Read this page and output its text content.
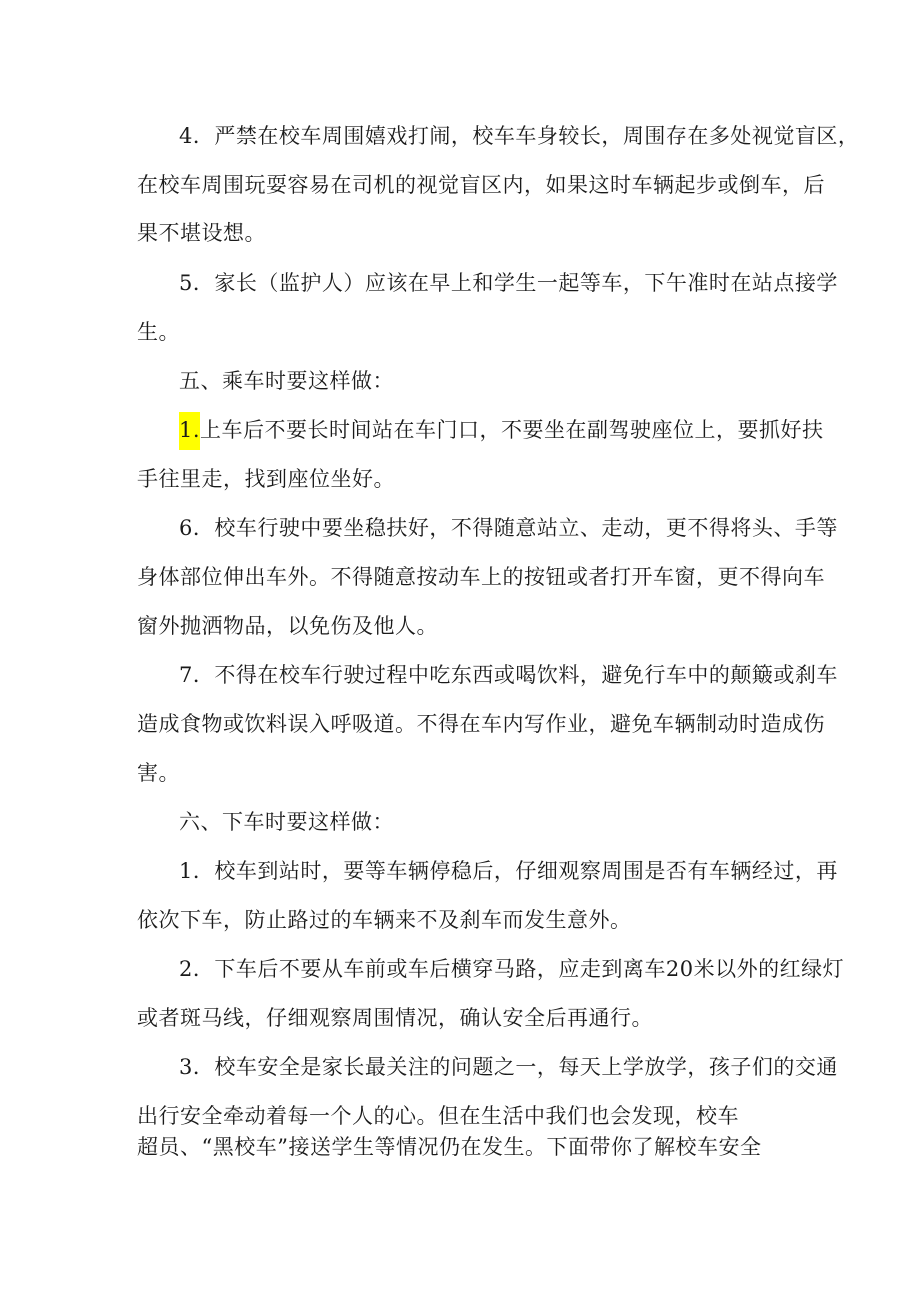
4．严禁在校车周围嬉戏打闹，校车车身较长，周围存在多处视觉盲区，
在校车周围玩耍容易在司机的视觉盲区内，如果这时车辆起步或倒车，后
果不堪设想。
5．家长（监护人）应该在早上和学生一起等车，下午准时在站点接学
生。
五、乘车时要这样做：
1.上车后不要长时间站在车门口，不要坐在副驾驶座位上，要抓好扶
手往里走，找到座位坐好。
6．校车行驶中要坐稳扶好，不得随意站立、走动，更不得将头、手等
身体部位伸出车外。不得随意按动车上的按钮或者打开车窗，更不得向车
窗外抛洒物品，以免伤及他人。
7．不得在校车行驶过程中吃东西或喝饮料，避免行车中的颠簸或刹车
造成食物或饮料误入呼吸道。不得在车内写作业，避免车辆制动时造成伤
害。
六、下车时要这样做：
1．校车到站时，要等车辆停稳后，仔细观察周围是否有车辆经过，再
依次下车，防止路过的车辆来不及刹车而发生意外。
2．下车后不要从车前或车后横穿马路，应走到离车20米以外的红绿灯
或者斑马线，仔细观察周围情况，确认安全后再通行。
3．校车安全是家长最关注的问题之一，每天上学放学，孩子们的交通
出行安全牵动着每一个人的心。但在生活中我们也会发现，校车
超员、“黑校车”接送学生等情况仍在发生。下面带你了解校车安全
